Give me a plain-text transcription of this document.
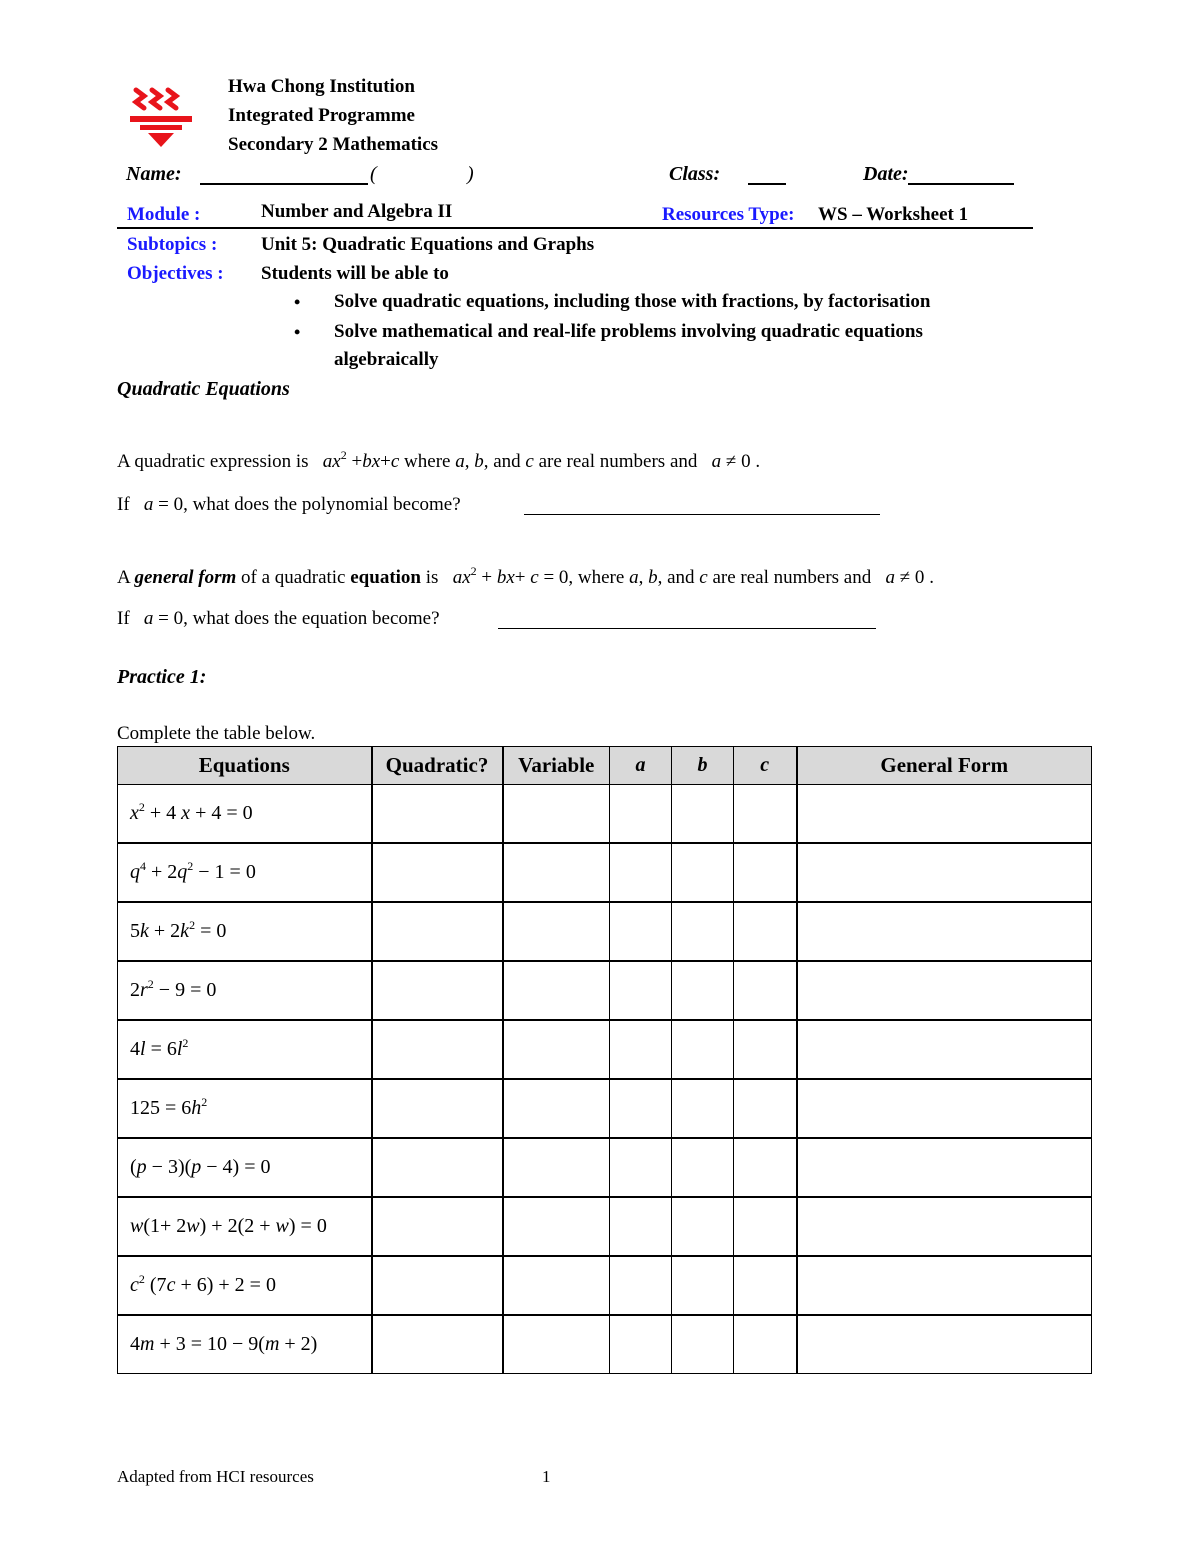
Hwa Chong Institution
Integrated Programme
Secondary 2 Mathematics
Name:	(	)	Class:	Date:
Module :	Number and Algebra II	Resources Type: WS – Worksheet 1
Subtopics : Unit 5: Quadratic Equations and Graphs
Objectives : Students will be able to
• Solve quadratic equations, including those with fractions, by factorisation
• Solve mathematical and real-life problems involving quadratic equations
algebraically
Quadratic Equations
A quadratic expression is $ax^2 +bx+c$ where a, b, and c are real numbers and a ≠ 0 .
If a = 0, what does the polynomial become?
A general form of a quadratic equation is $ax^2 + bx+ c = 0$, where a, b, and c are real numbers and a ≠ 0 .
If a = 0, what does the equation become?
Practice 1:
Complete the table below.
Equations	Quadratic?	Variable	a	b	c	General Form
$x^2 + 4$ x + 4 = 0						
$q^4 + 2q^2 - 1 = 0$						
$5k + 2k^2 = 0$						
$2r^2 - 9 = 0$						
$4l = 6l^2$						
$125 = 6h^2$						
(p − 3)(p − 4) = 0						
w(1+ 2w) + 2(2 + w) = 0						
$c^2$ (7c + 6) + 2 = 0						
4m + 3 = 10 − 9(m + 2)						
Adapted from HCI resources	1
